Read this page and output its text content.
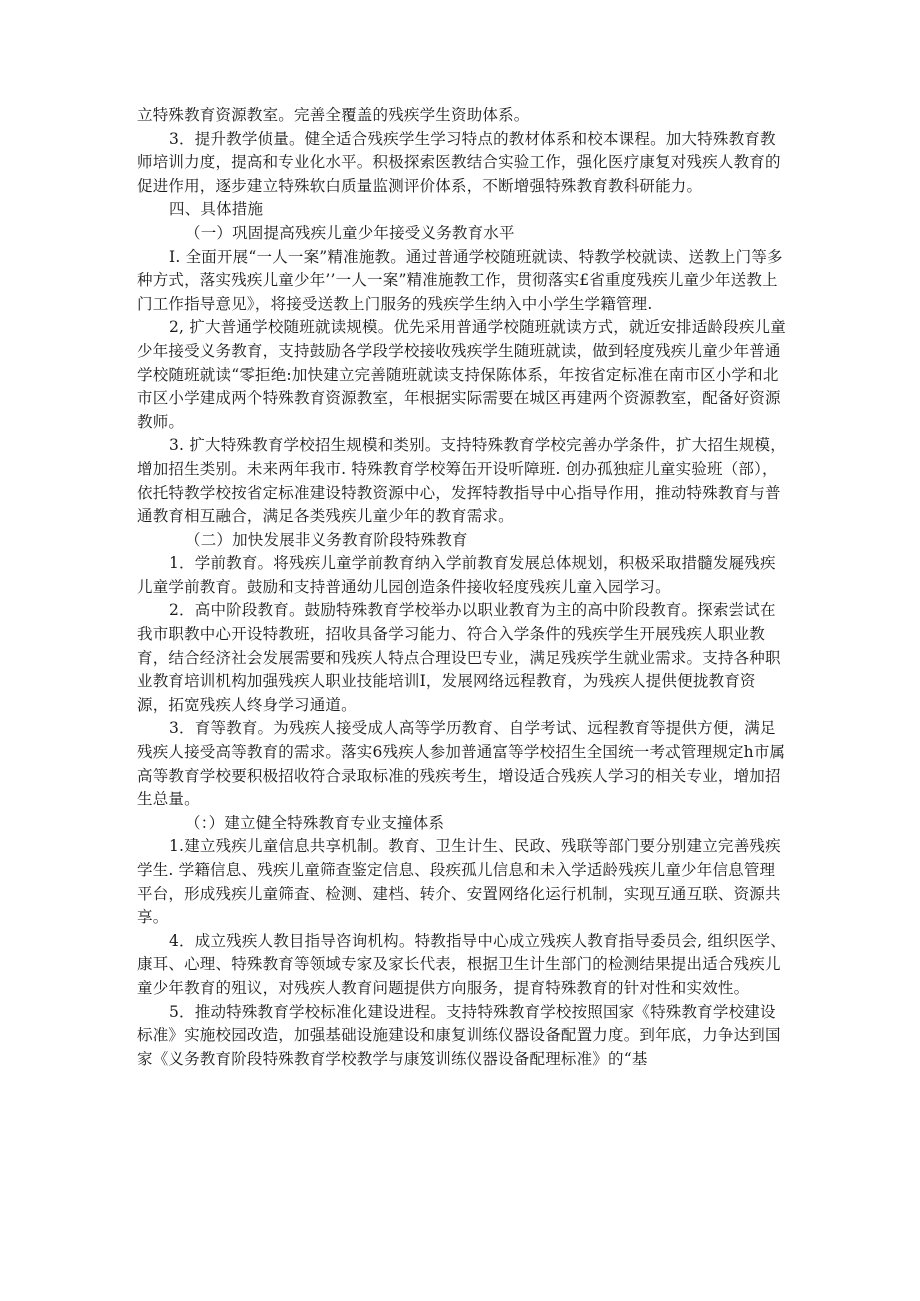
立特殊教育资源教室。完善全覆盖的残疾学生资助体系。

3．提升教学侦量。健全适合残疾学生学习特点的教材体系和校本课程。加大特殊教育教师培训力度，提高和专业化水平。积极探索医教结合实验工作，强化医疗康复对残疾人教育的促进作用，逐步建立特殊软白质量监测评价体系，不断增强特殊教育教科研能力。

四、具体措施

（一）巩固提高残疾儿童少年接受义务教育水平

I. 全面开展“一人一案”精准施教。通过普通学校随班就读、特教学校就读、送教上门等多种方式，落实残疾儿童少年’’一人一案”精准施教工作，贯彻落实£省重度残疾儿童少年送教上门工作指导意见》，将接受送教上门服务的残疾学生纳入中小学生学籍管理.

2, 扩大普通学校随班就读规模。优先采用普通学校随班就读方式，就近安排适龄段疾儿童少年接受义务教育，支持鼓励各学段学校接收残疾学生随班就读，做到轻度残疾儿童少年普通学校随班就读“零拒绝:加快建立完善随班就读支持保陈体系，年按省定标准在南市区小学和北市区小学建成两个特殊教育资源教室，年根据实际需要在城区再建两个资源教室，配备好资源教师。

3. 扩大特殊教育学校招生规模和类别。支持特殊教育学校完善办学条件，扩大招生规模，增加招生类别。未来两年我市. 特殊教育学校筹缶开设听障班. 创办孤独症儿童实验班（部），依托特教学校按省定标准建设特教资源中心，发挥特教指导中心指导作用，推动特殊教育与普通教育相互融合，满足各类残疾儿童少年的教育需求。

（二）加快发展非义务教育阶段特殊教育

1．学前教育。将残疾儿童学前教育纳入学前教育发展总体规划，积极采取措髓发屣残疾儿童学前教育。鼓励和支持普通幼儿园创造条件接收轻度残疾儿童入园学习。

2．高中阶段教育。鼓励特殊教育学校举办以职业教育为主的高中阶段教育。探索尝试在我市职教中心开设特教班，招收具备学习能力、符合入学条件的残疾学生开展残疾人职业教育，结合经济社会发展需要和残疾人特点合理设巴专业，满足残疾学生就业需求。支持各种职业教育培训机构加强残疾人职业技能培训I，发展网络远程教育，为残疾人提供便拢教育资源，拓宽残疾人终身学习通道。

3．育等教育。为残疾人接受成人高等学历教育、自学考试、远程教育等提供方便，满足残疾人接受高等教育的需求。落实6残疾人参加普通富等学校招生全国统一考忒管理规定h市属高等教育学校要积极招收符合录取标准的残疾考生，增设适合残疾人学习的相关专业，增加招生总量。

（：）建立健全特殊教育专业支撞体系

1.建立残疾儿童信息共享机制。教育、卫生计生、民政、残联等部门要分别建立完善残疾学生. 学籍信息、残疾儿童筛查鉴定信息、段疾孤儿信息和未入学适龄残疾儿童少年信息管理平台，形成残疾儿童筛査、检测、建档、转介、安置网络化运行机制，实现互通互联、资源共享。

4．成立残疾人教目指导咨询机构。特教指导中心成立残疾人教育指导委员会, 组织医学、康耳、心理、特殊教育等领域专家及家长代表，根据卫生计生部门的检测结果提出适合残疾儿童少年教育的殂议，对残疾人教育问题提供方向服务，提育特殊教育的针对性和实效性。

5．推动特殊教育学校标准化建设进程。支持特殊教育学校按照国家《特殊教育学校建设标准》实施校园改造，加强基础设施建设和康复训练仪器设备配置力度。到年底，力争达到国家《义务教育阶段特殊教育学校教学与康笈训练仪器设备配理标准》的“基
